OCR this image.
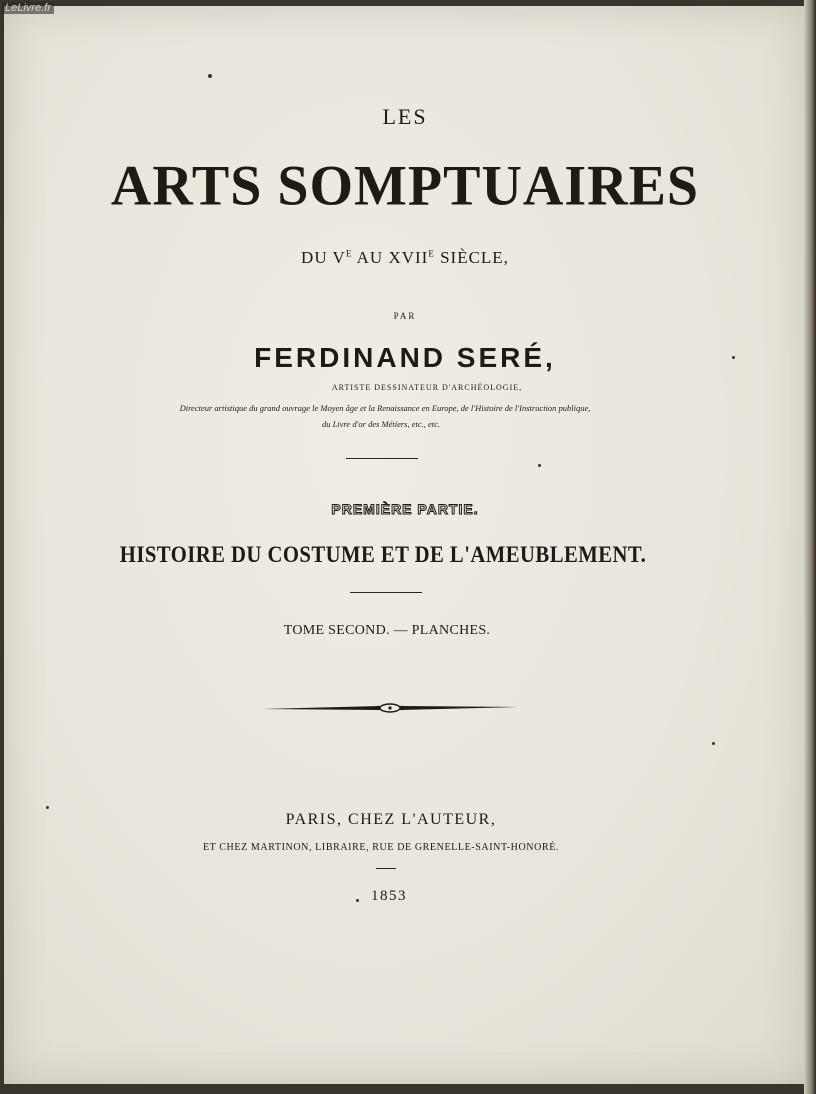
LES
ARTS SOMPTUAIRES
DU $V^E$ AU $XVII^E$ SIÈCLE,
PAR
FERDINAND SERÉ,
ARTISTE DESSINATEUR D'ARCHÉOLOGIE,
Directeur artistique du grand ouvrage le Moyen âge et la Renaissance en Europe, de l'Histoire de l'Instruction publique,
du Livre d'or des Métiers, etc., etc.
PREMIÈRE PARTIE.
HISTOIRE DU COSTUME ET DE L'AMEUBLEMENT.
TOME SECOND. — PLANCHES.
PARIS, CHEZ L'AUTEUR,
ET CHEZ MARTINON, LIBRAIRE, RUE DE GRENELLE-SAINT-HONORÉ.
1853
LeLivre.fr
